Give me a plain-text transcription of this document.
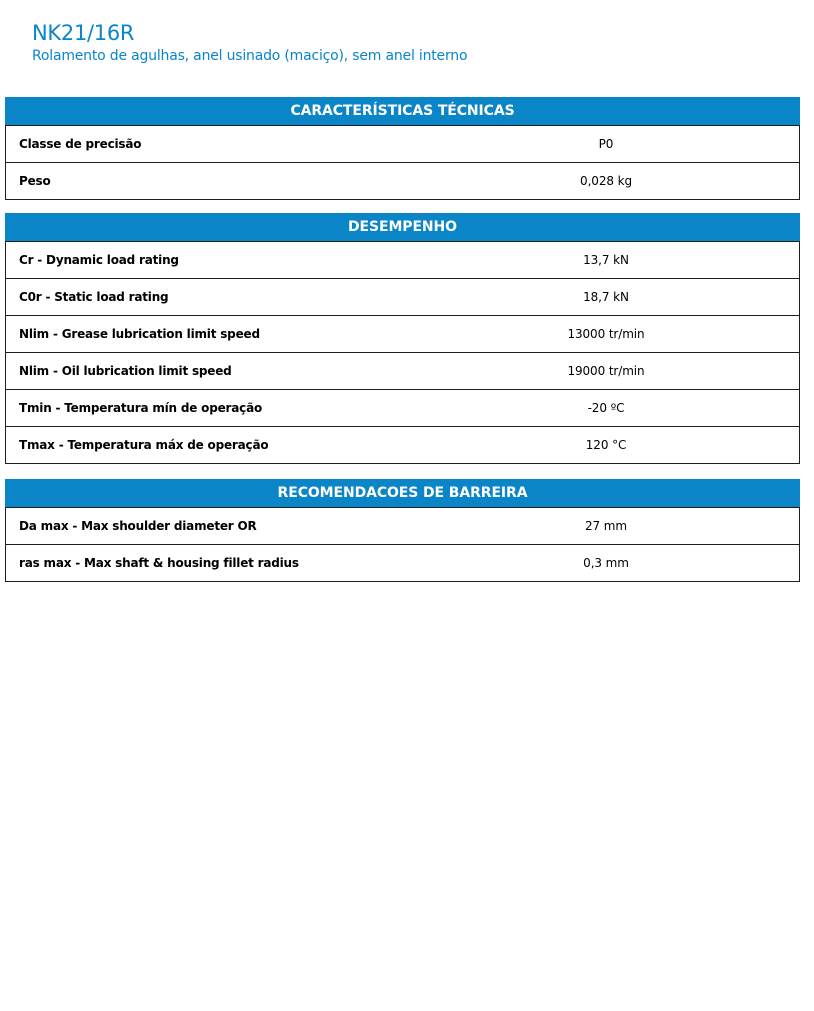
NK21/16R
Rolamento de agulhas, anel usinado (maciço), sem anel interno
CARACTERÍSTICAS TÉCNICAS
Classe de precisão	P0
Peso	0,028 kg
DESEMPENHO
Cr - Dynamic load rating	13,7 kN
C0r - Static load rating	18,7 kN
Nlim - Grease lubrication limit speed	13000 tr/min
Nlim - Oil lubrication limit speed	19000 tr/min
Tmin - Temperatura mín de operação	-20 ºC
Tmax - Temperatura máx de operação	120 °C
RECOMENDACOES DE BARREIRA
Da max - Max shoulder diameter OR	27 mm
ras max - Max shaft & housing fillet radius	0,3 mm
